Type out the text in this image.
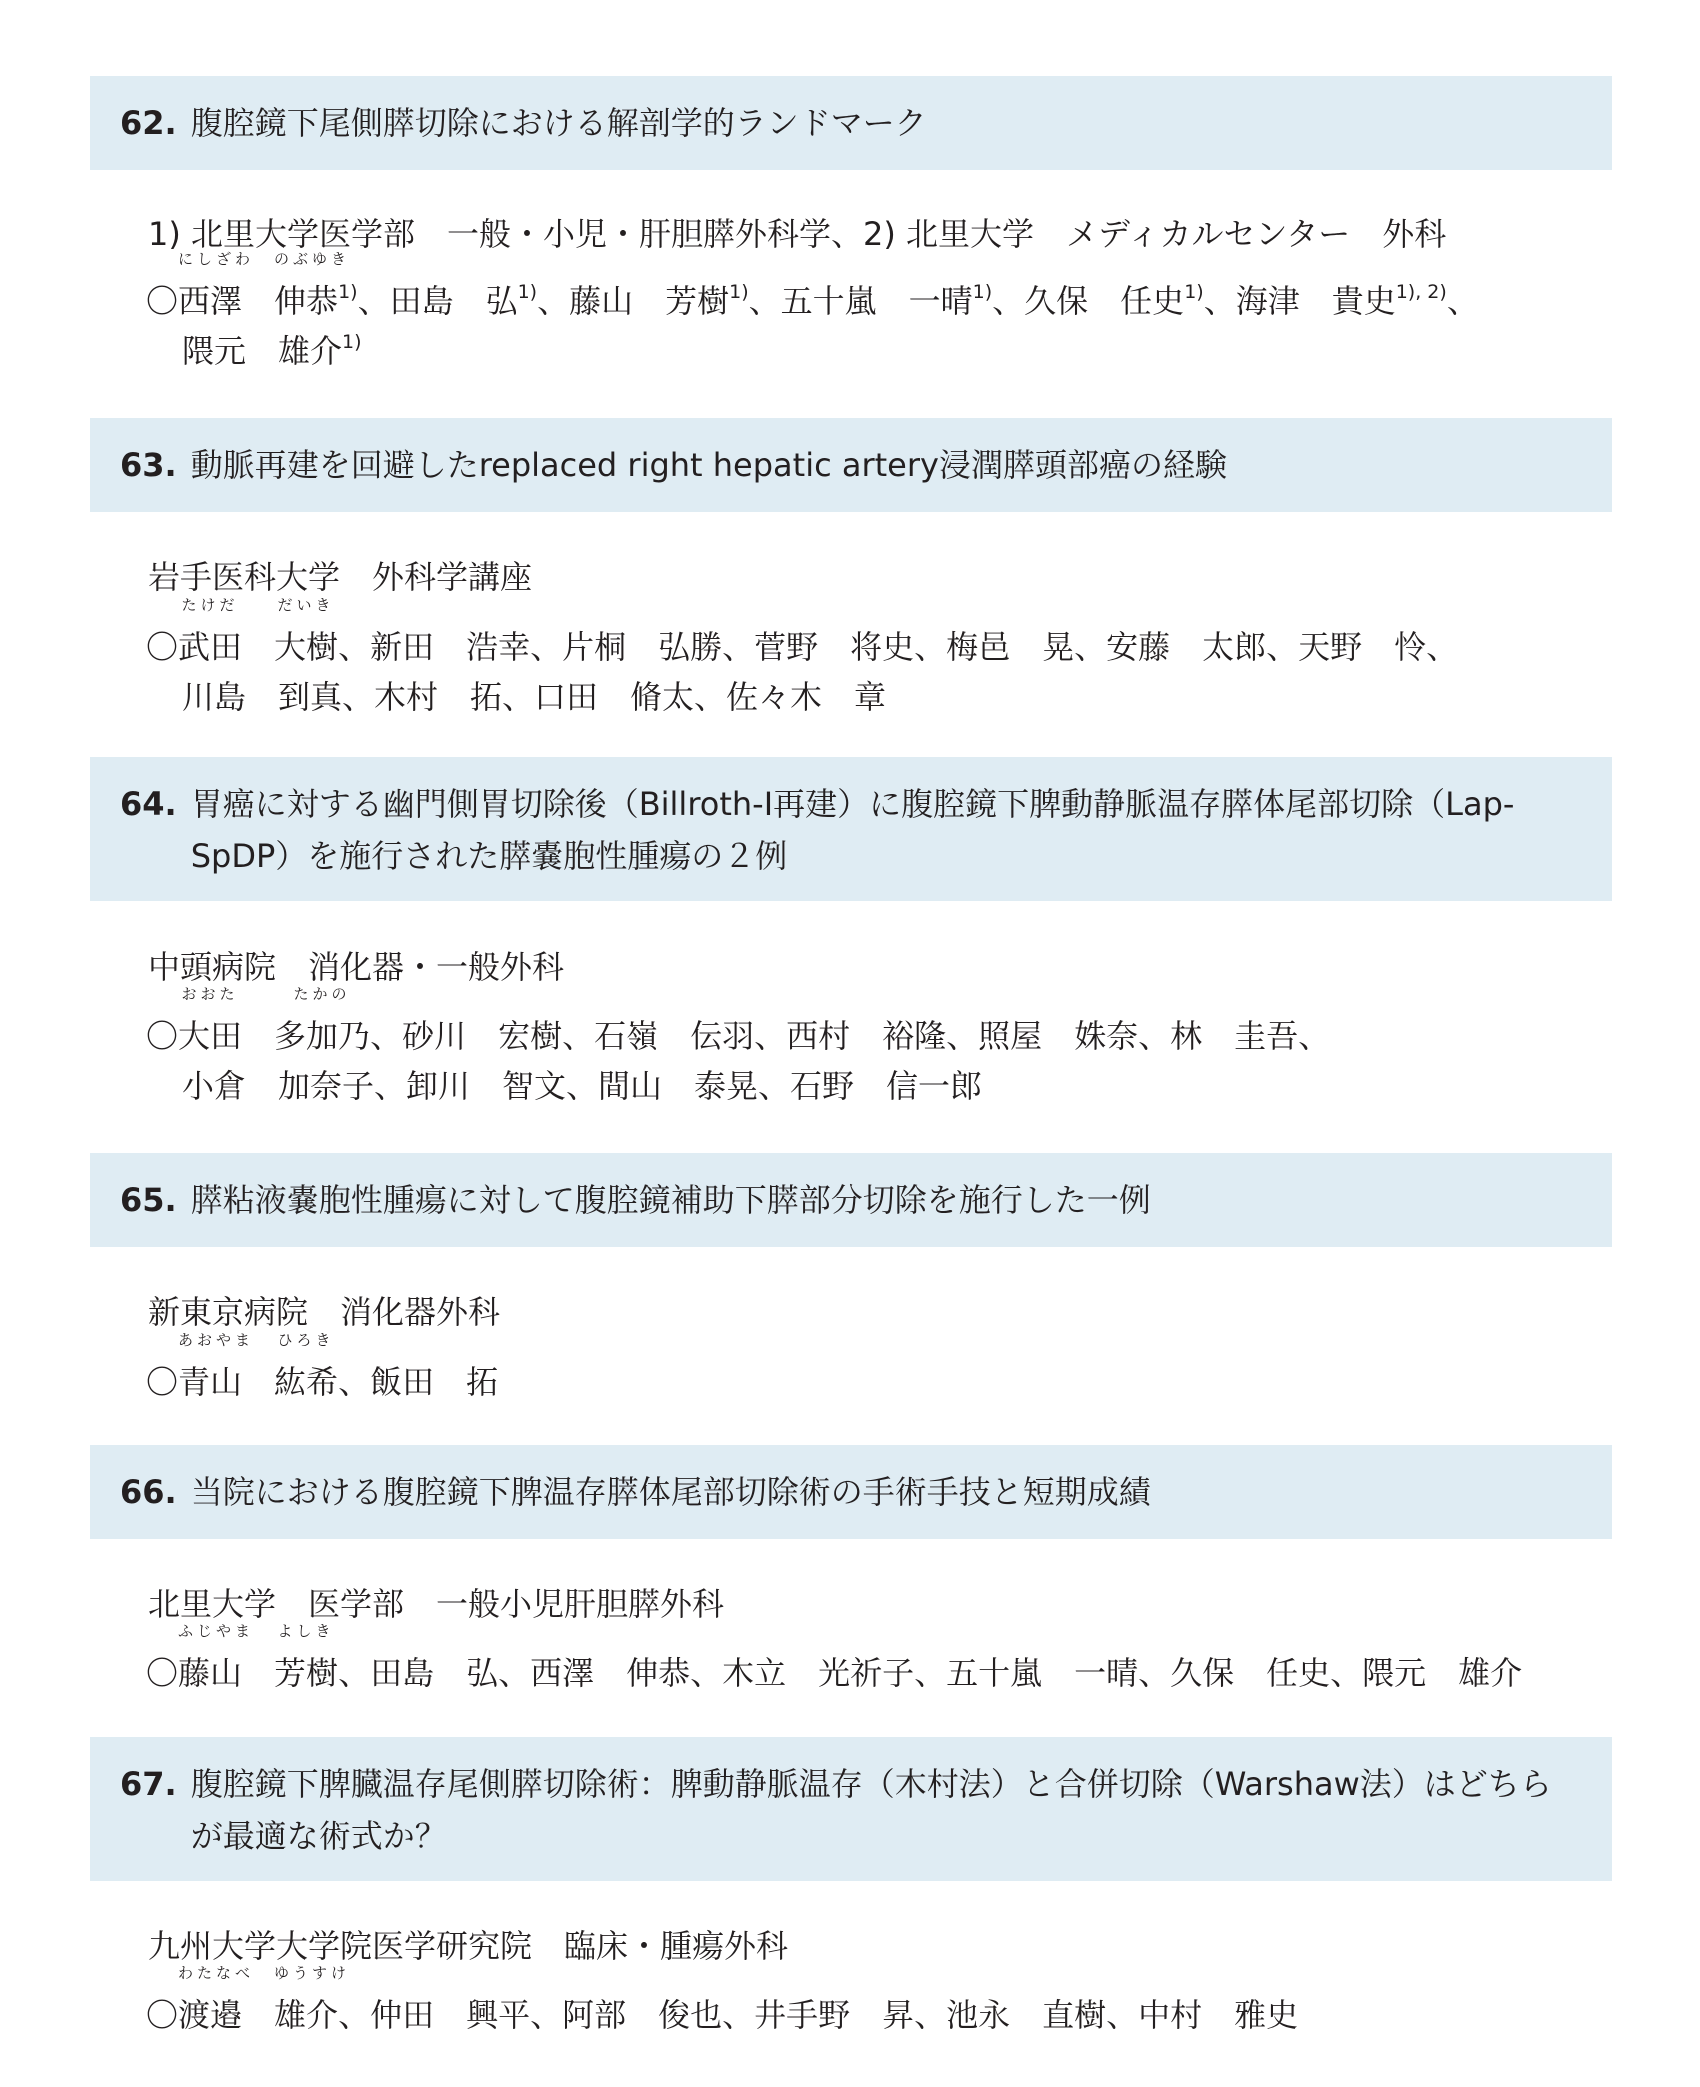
62. 腹腔鏡下尾側膵切除における解剖学的ランドマーク
1) 北里大学医学部　一般・小児・肝胆膵外科学、2) 北里大学　メディカルセンター　外科
〇
にしざわ
西澤　
のぶゆき
伸恭$^{1)}$、田島　弘$^{1)}$、藤山　芳樹$^{1)}$、五十嵐　一晴$^{1)}$、久保　任史$^{1)}$、海津　貴史$^{1), 2)}$、
隈元　雄介$^{1)}$
63. 動脈再建を回避したreplaced right hepatic artery浸潤膵頭部癌の経験
岩手医科大学　外科学講座
〇
たけだ
武田　
だいき
大樹、新田　浩幸、片桐　弘勝、菅野　将史、梅邑　晃、安藤　太郎、天野　怜、
川島　到真、木村　拓、口田　脩太、佐々木　章
64. 胃癌に対する幽門側胃切除後（Billroth-Ⅰ再建）に腹腔鏡下脾動静脈温存膵体尾部切除（Lap-SpDP）を施行された膵嚢胞性腫瘍の２例
中頭病院　消化器・一般外科
〇
おおた
大田　
たかの
多加乃、砂川　宏樹、石嶺　伝羽、西村　裕隆、照屋　姝奈、林　圭吾、
小倉　加奈子、卸川　智文、間山　泰晃、石野　信一郎
65. 膵粘液嚢胞性腫瘍に対して腹腔鏡補助下膵部分切除を施行した一例
新東京病院　消化器外科
〇
あおやま
青山　
ひろき
紘希、飯田　拓
66. 当院における腹腔鏡下脾温存膵体尾部切除術の手術手技と短期成績
北里大学　医学部　一般小児肝胆膵外科
〇
ふじやま
藤山　
よしき
芳樹、田島　弘、西澤　伸恭、木立　光祈子、五十嵐　一晴、久保　任史、隈元　雄介
67. 腹腔鏡下脾臓温存尾側膵切除術：脾動静脈温存（木村法）と合併切除（Warshaw法）はどちらが最適な術式か？
九州大学大学院医学研究院　臨床・腫瘍外科
〇
わたなべ
渡邉　
ゆうすけ
雄介、仲田　興平、阿部　俊也、井手野　昇、池永　直樹、中村　雅史
